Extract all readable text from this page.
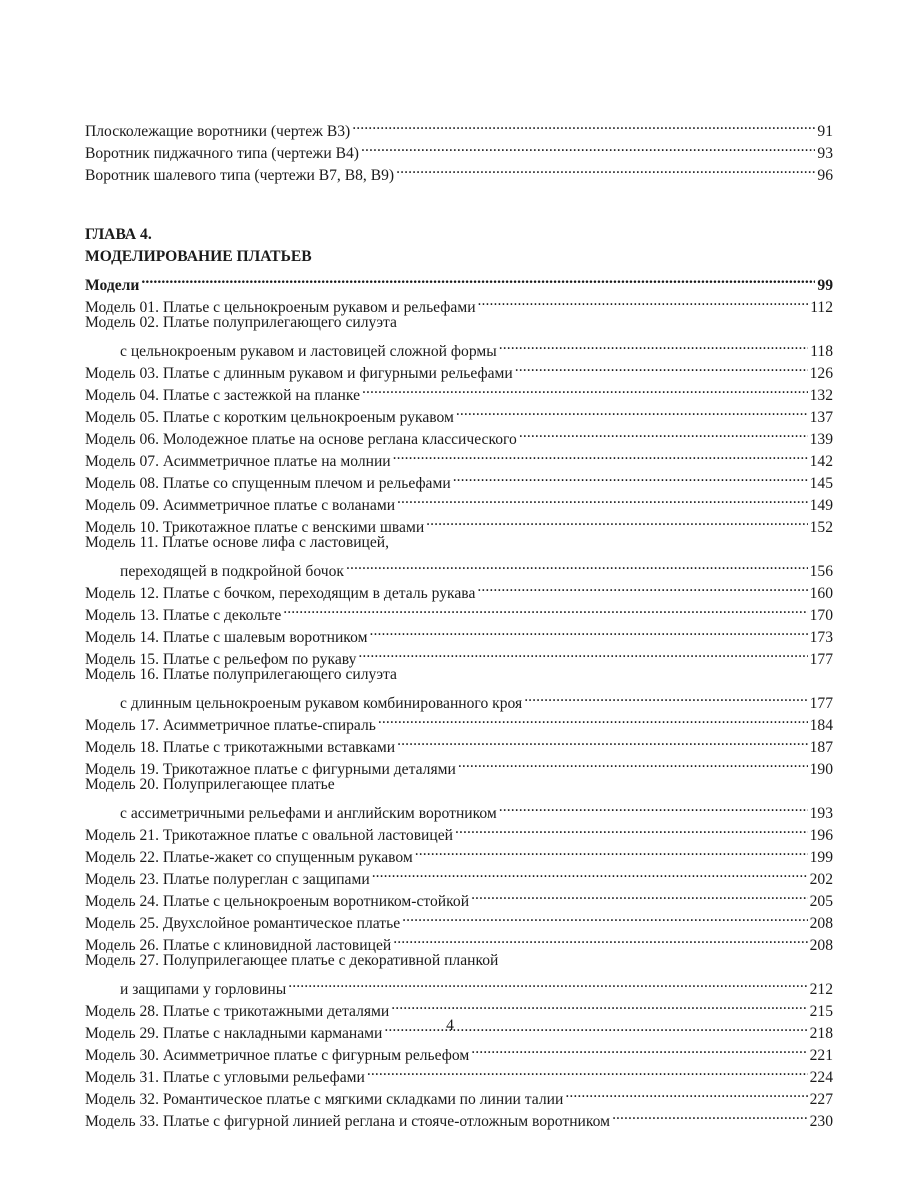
Плосколежащие воротники (чертеж В3) . . .	91
Воротник пиджачного типа (чертежи В4) . . .	93
Воротник шалевого типа (чертежи В7, В8, В9) . . .	96
ГЛАВА 4.
МОДЕЛИРОВАНИЕ ПЛАТЬЕВ
Модели . . .	99
Модель 01. Платье с цельнокроеным рукавом и рельефами . . .	112
Модель 02. Платье полуприлегающего силуэта
с цельнокроеным рукавом и ластовицей сложной формы . . .	118
Модель 03. Платье с длинным рукавом и фигурными рельефами . . .	126
Модель 04. Платье с застежкой на планке . . .	132
Модель 05. Платье с коротким цельнокроеным рукавом . . .	137
Модель 06. Молодежное платье на основе реглана классического . . .	139
Модель 07. Асимметричное платье на молнии . . .	142
Модель 08. Платье со спущенным плечом и рельефами . . .	145
Модель 09. Асимметричное платье с воланами . . .	149
Модель 10. Трикотажное платье с венскими швами . . .	152
Модель 11. Платье основе лифа с ластовицей,
переходящей в подкройной бочок . . .	156
Модель 12. Платье с бочком, переходящим в деталь рукава . . .	160
Модель 13. Платье с декольте . . .	170
Модель 14. Платье с шалевым воротником . . .	173
Модель 15. Платье с рельефом по рукаву . . .	177
Модель 16. Платье полуприлегающего силуэта
с длинным цельнокроеным рукавом комбинированного кроя . . .	177
Модель 17. Асимметричное платье-спираль . . .	184
Модель 18. Платье с трикотажными вставками . . .	187
Модель 19. Трикотажное платье с фигурными деталями . . .	190
Модель 20. Полуприлегающее платье
с ассиметричными рельефами и английским воротником . . .	193
Модель 21. Трикотажное платье с овальной ластовицей . . .	196
Модель 22. Платье-жакет со спущенным рукавом . . .	199
Модель 23. Платье полуреглан с защипами . . .	202
Модель 24. Платье с цельнокроеным воротником-стойкой . . .	205
Модель 25. Двухслойное романтическое платье . . .	208
Модель 26. Платье с клиновидной ластовицей . . .	208
Модель 27. Полуприлегающее платье с декоративной планкой
и защипами у горловины . . .	212
Модель 28. Платье с трикотажными деталями . . .	215
Модель 29. Платье с накладными карманами . . .	218
Модель 30. Асимметричное платье с фигурным рельефом . . .	221
Модель 31. Платье с угловыми рельефами . . .	224
Модель 32. Романтическое платье с мягкими складками по линии талии . . .	227
Модель 33. Платье с фигурной линией реглана и стояче-отложным воротником . . .	230
4
